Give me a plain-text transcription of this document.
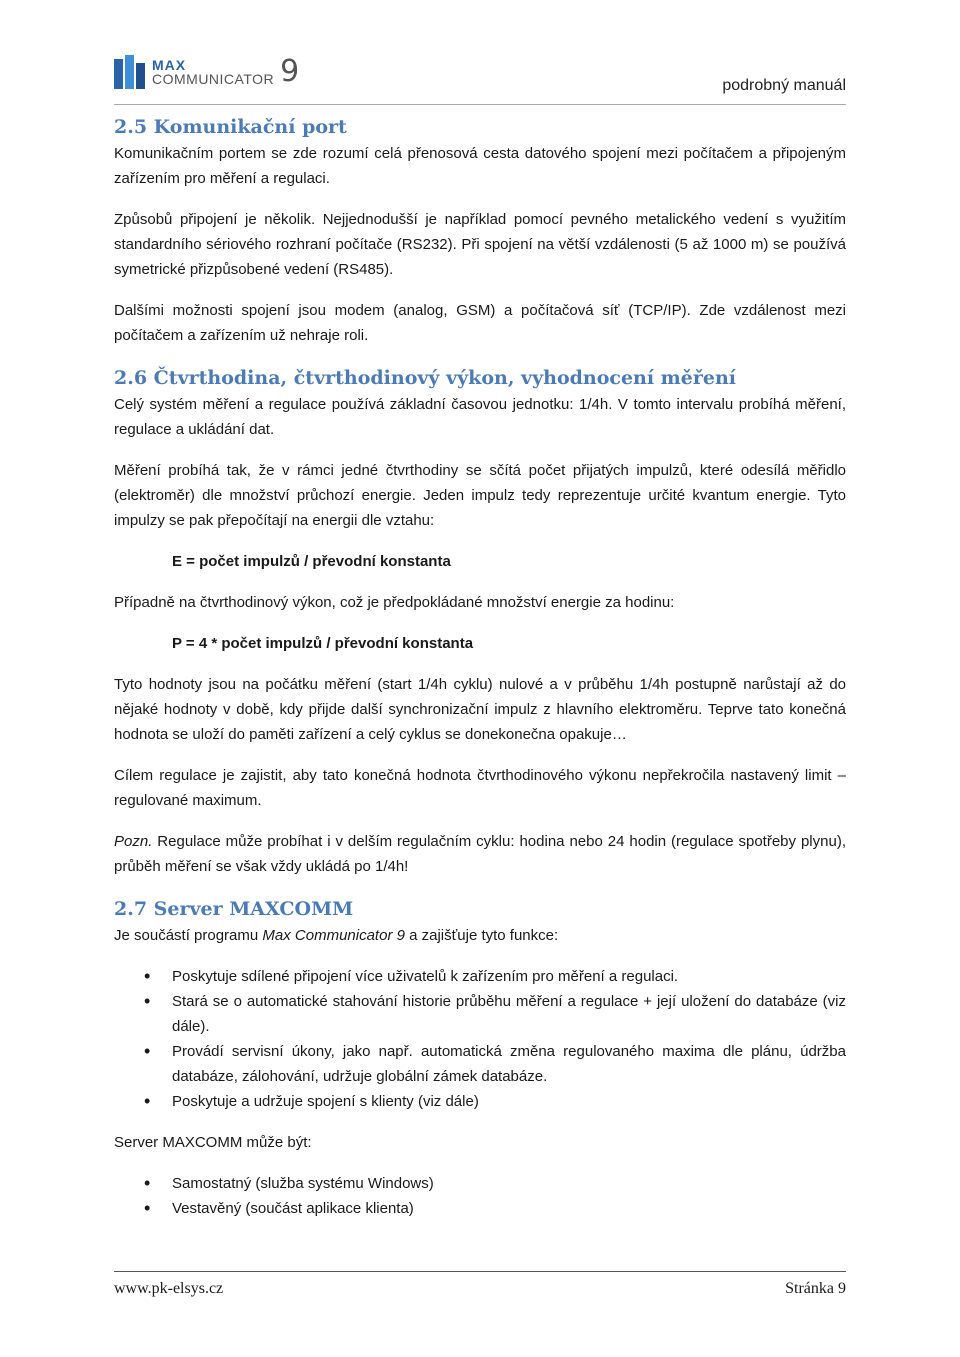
MAX
COMMUNICATOR 9	podrobný manuál
2.5 Komunikační port

Komunikačním portem se zde rozumí celá přenosová cesta datového spojení mezi počítačem a připojeným zařízením pro měření a regulaci.

Způsobů připojení je několik. Nejjednodušší je například pomocí pevného metalického vedení s využitím standardního sériového rozhraní počítače (RS232). Při spojení na větší vzdálenosti (5 až 1000 m) se používá symetrické přizpůsobené vedení (RS485).

Dalšími možnosti spojení jsou modem (analog, GSM) a počítačová síť (TCP/IP). Zde vzdálenost mezi počítačem a zařízením už nehraje roli.

2.6 Čtvrthodina, čtvrthodinový výkon, vyhodnocení měření

Celý systém měření a regulace používá základní časovou jednotku: 1/4h. V tomto intervalu probíhá měření, regulace a ukládání dat.

Měření probíhá tak, že v rámci jedné čtvrthodiny se sčítá počet přijatých impulzů, které odesílá měřidlo (elektroměr) dle množství průchozí energie. Jeden impulz tedy reprezentuje určité kvantum energie. Tyto impulzy se pak přepočítají na energii dle vztahu:

E = počet impulzů / převodní konstanta

Případně na čtvrthodinový výkon, což je předpokládané množství energie za hodinu:

P = 4 * počet impulzů / převodní konstanta

Tyto hodnoty jsou na počátku měření (start 1/4h cyklu) nulové a v průběhu 1/4h postupně narůstají až do nějaké hodnoty v době, kdy přijde další synchronizační impulz z hlavního elektroměru. Teprve tato konečná hodnota se uloží do paměti zařízení a celý cyklus se donekonečna opakuje…

Cílem regulace je zajistit, aby tato konečná hodnota čtvrthodinového výkonu nepřekročila nastavený limit – regulované maximum.

Pozn. Regulace může probíhat i v delším regulačním cyklu: hodina nebo 24 hodin (regulace spotřeby plynu), průběh měření se však vždy ukládá po 1/4h!

2.7 Server MAXCOMM

Je součástí programu Max Communicator 9 a zajišťuje tyto funkce:

• Poskytuje sdílené připojení více uživatelů k zařízením pro měření a regulaci.
• Stará se o automatické stahování historie průběhu měření a regulace + její uložení do databáze (viz dále).
• Provádí servisní úkony, jako např. automatická změna regulovaného maxima dle plánu, údržba databáze, zálohování, udržuje globální zámek databáze.
• Poskytuje a udržuje spojení s klienty (viz dále)

Server MAXCOMM může být:

• Samostatný (služba systému Windows)
• Vestavěný (součást aplikace klienta)
www.pk-elsys.cz	Stránka 9
